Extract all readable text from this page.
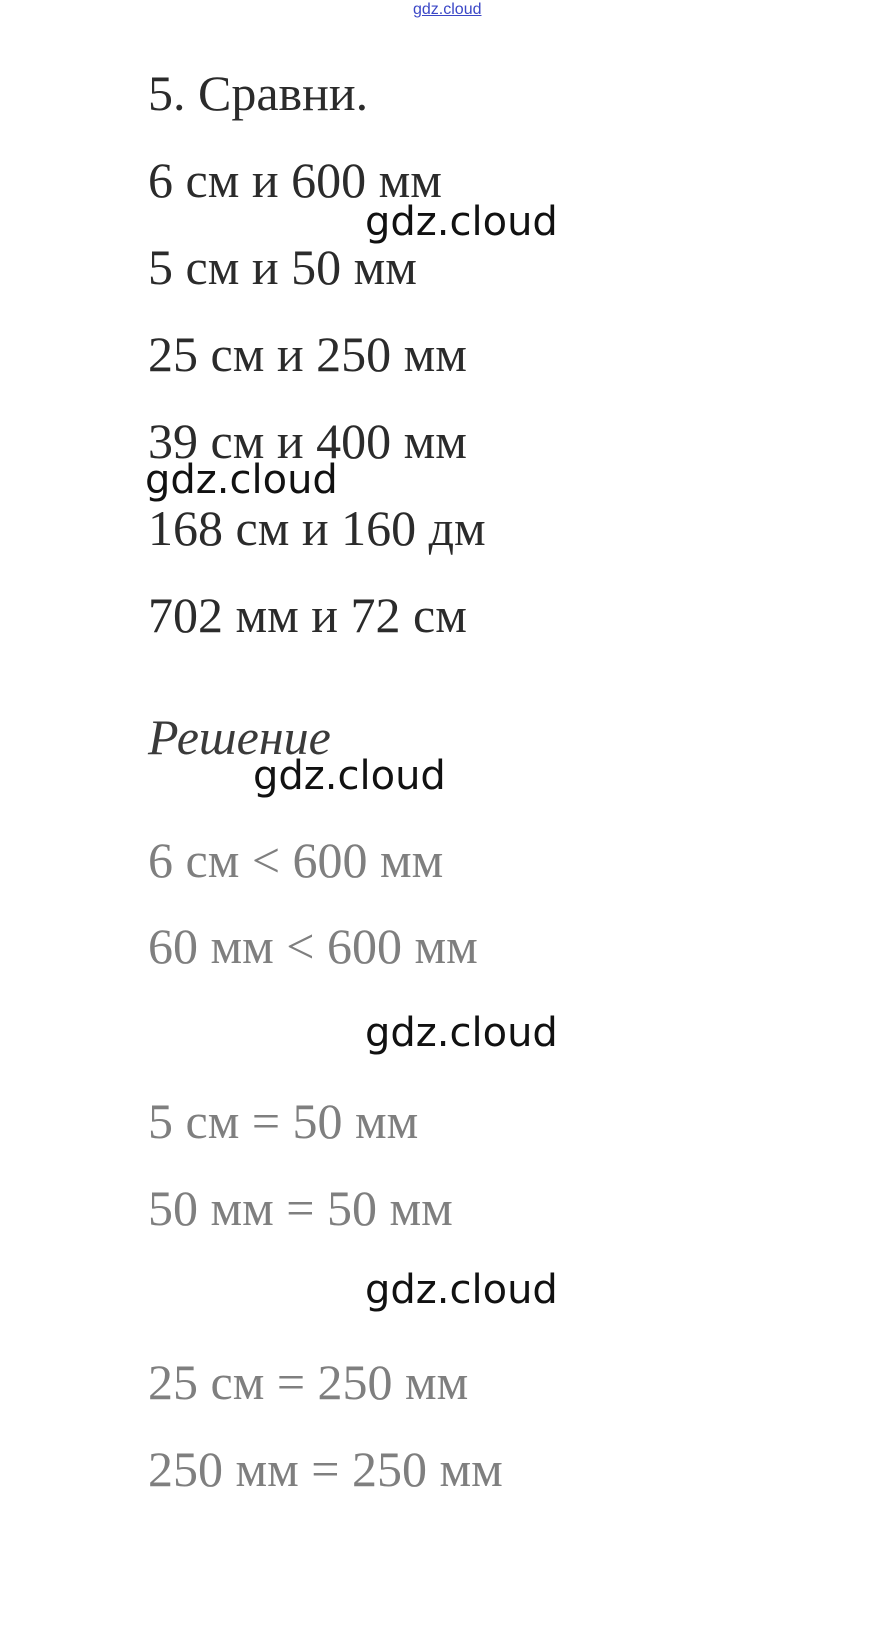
gdz.cloud
5. Сравни.
6 см и 600 мм
5 см и 50 мм
25 см и 250 мм
39 см и 400 мм
168 см и 160 дм
702 мм и 72 см
Решение
6 см < 600 мм
60 мм < 600 мм
5 см = 50 мм
50 мм = 50 мм
25 см = 250 мм
250 мм = 250 мм
gdz.cloud
gdz.cloud
gdz.cloud
gdz.cloud
gdz.cloud
